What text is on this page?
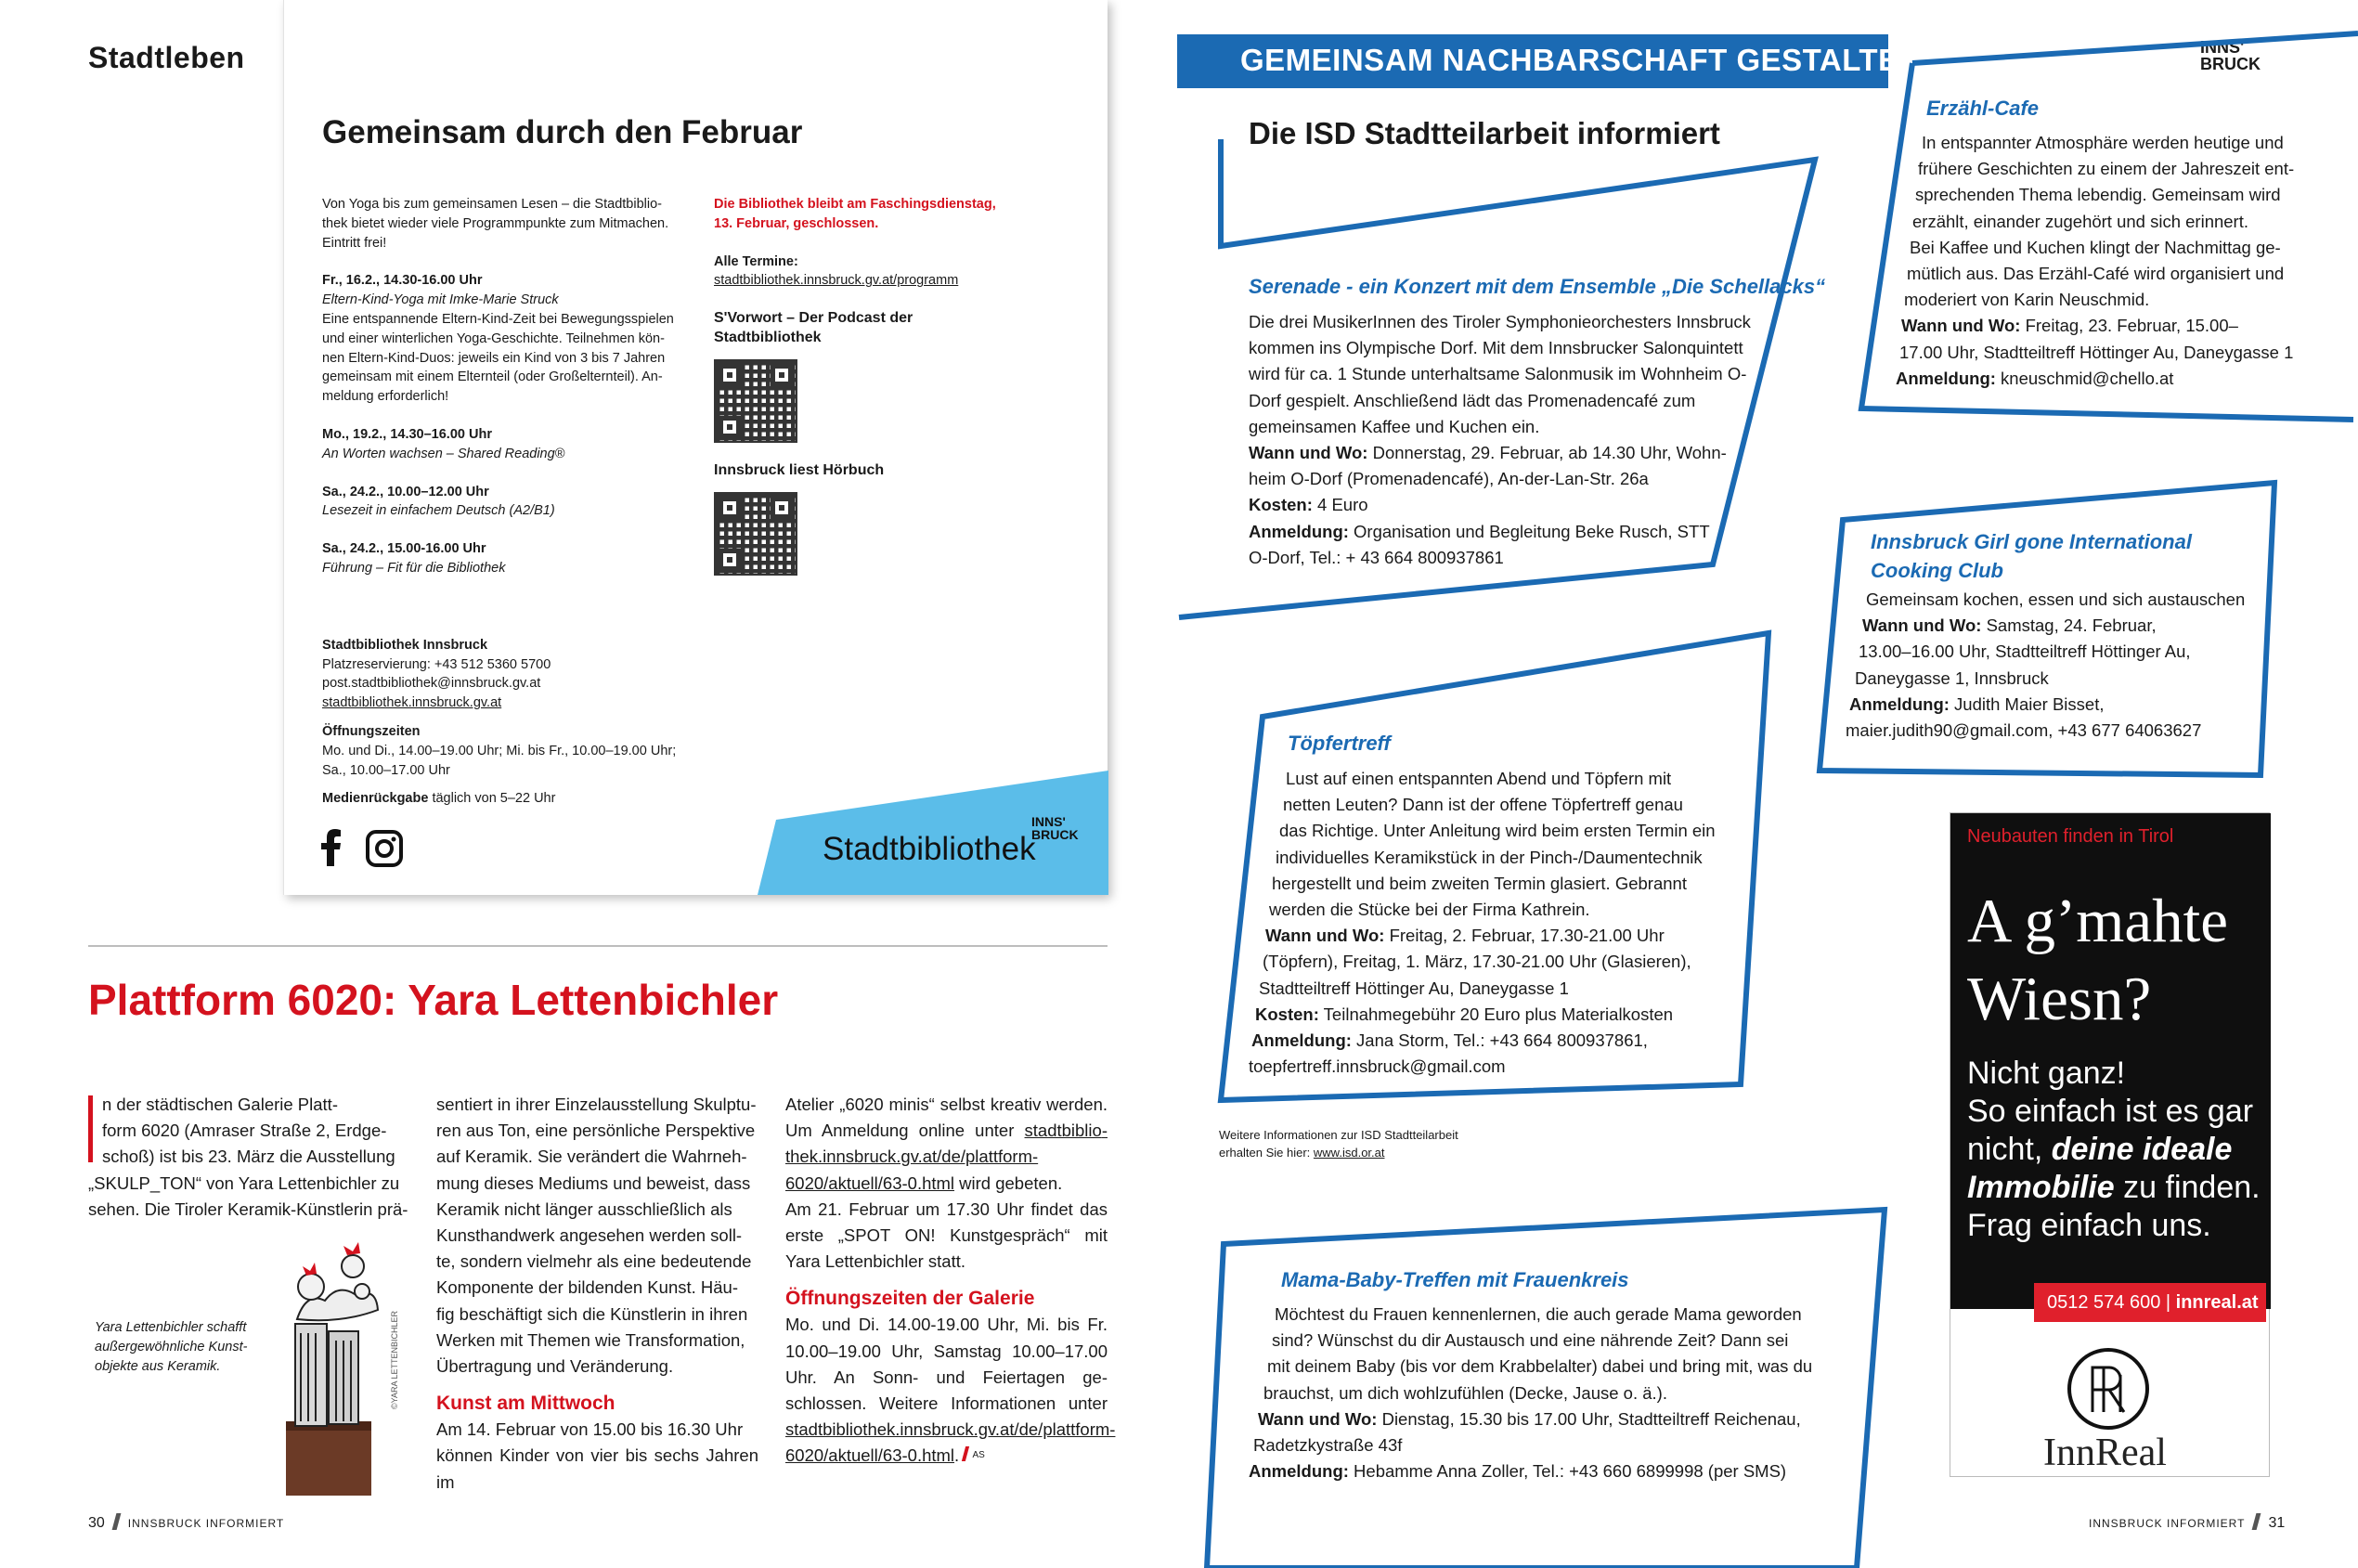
Stadtleben
Gemeinsam durch den Februar
Von Yoga bis zum gemeinsamen Lesen – die Stadtbiblio-
thek bietet wieder viele Programmpunkte zum Mitmachen.
Eintritt frei!
Fr., 16.2., 14.30-16.00 Uhr
Eltern-Kind-Yoga mit Imke-Marie Struck
Eine entspannende Eltern-Kind-Zeit bei Bewegungsspielen
und einer winterlichen Yoga-Geschichte. Teilnehmen kön-
nen Eltern-Kind-Duos: jeweils ein Kind von 3 bis 7 Jahren
gemeinsam mit einem Elternteil (oder Großelternteil). An-
meldung erforderlich!
Mo., 19.2., 14.30–16.00 Uhr
An Worten wachsen – Shared Reading®
Sa., 24.2., 10.00–12.00 Uhr
Lesezeit in einfachem Deutsch (A2/B1)
Sa., 24.2., 15.00-16.00 Uhr
Führung – Fit für die Bibliothek
Stadtbibliothek Innsbruck
Platzreservierung: +43 512 5360 5700
post.stadtbibliothek@innsbruck.gv.at
stadtbibliothek.innsbruck.gv.at
Öffnungszeiten
Mo. und Di., 14.00–19.00 Uhr; Mi. bis Fr., 10.00–19.00 Uhr;
Sa., 10.00–17.00 Uhr
Medienrückgabe täglich von 5–22 Uhr
Die Bibliothek bleibt am Faschingsdienstag,
13. Februar, geschlossen.
Alle Termine:
stadtbibliothek.innsbruck.gv.at/programm
S'Vorwort – Der Podcast der Stadtbibliothek
Innsbruck liest Hörbuch
INNS'
BRUCK
Stadtbibliothek
Plattform 6020: Yara Lettenbichler
n der städtischen Galerie Platt-
form 6020 (Amraser Straße 2, Erdge-
schoß) ist bis 23. März die Ausstellung
„SKULP_TON“ von Yara Lettenbichler zu
sehen. Die Tiroler Keramik-Künstlerin prä-
Yara Lettenbichler schafft
außergewöhnliche Kunst-
objekte aus Keramik.	©YARA LETTENBICHLER
sentiert in ihrer Einzelausstellung Skulptu-
ren aus Ton, eine persönliche Perspektive
auf Keramik. Sie verändert die Wahrneh-
mung dieses Mediums und beweist, dass
Keramik nicht länger ausschließlich als
Kunsthandwerk angesehen werden soll-
te, sondern vielmehr als eine bedeutende
Komponente der bildenden Kunst. Häu-
fig beschäftigt sich die Künstlerin in ihren
Werken mit Themen wie Transformation,
Übertragung und Veränderung.
Kunst am Mittwoch
Am 14. Februar von 15.00 bis 16.30 Uhr
können Kinder von vier bis sechs Jahren im
Atelier „6020 minis“ selbst kreativ werden. Um Anmeldung online unter stadtbibliothek.innsbruck.gv.at/de/plattform-6020/aktuell/63-0.html wird gebeten.
Am 21. Februar um 17.30 Uhr findet das erste „SPOT ON! Kunstgespräch“ mit Yara Lettenbichler statt.
Öffnungszeiten der Galerie
Mo. und Di. 14.00-19.00 Uhr, Mi. bis Fr. 10.00–19.00 Uhr, Samstag 10.00–17.00 Uhr. An Sonn- und Feiertagen geschlossen. Weitere Informationen unter stadtbibliothek.innsbruck.gv.at/de/plattform-6020/aktuell/63-0.html. $^{AS}$
30 INNSBRUCK INFORMIERT
GEMEINSAM NACHBARSCHAFT GESTALTEN
Die ISD Stadtteilarbeit informiert
INNS'
BRUCK
Serenade - ein Konzert mit dem Ensemble „Die Schellacks“
Die drei MusikerInnen des Tiroler Symphonieorchesters Innsbruck
kommen ins Olympische Dorf. Mit dem Innsbrucker Salonquintett
wird für ca. 1 Stunde unterhaltsame Salonmusik im Wohnheim O-
Dorf gespielt. Anschließend lädt das Promenadencafé zum
gemeinsamen Kaffee und Kuchen ein.
Wann und Wo: Donnerstag, 29. Februar, ab 14.30 Uhr, Wohn-
heim O-Dorf (Promenadencafé), An-der-Lan-Str. 26a
Kosten: 4 Euro
Anmeldung: Organisation und Begleitung Beke Rusch, STT
O-Dorf, Tel.: + 43 664 800937861
Erzähl-Cafe
In entspannter Atmosphäre werden heutige und
frühere Geschichten zu einem der Jahreszeit ent-
sprechenden Thema lebendig. Gemeinsam wird
erzählt, einander zugehört und sich erinnert.
Bei Kaffee und Kuchen klingt der Nachmittag ge-
mütlich aus. Das Erzähl-Café wird organisiert und
moderiert von Karin Neuschmid.
Wann und Wo: Freitag, 23. Februar, 15.00–
17.00 Uhr, Stadtteiltreff Höttinger Au, Daneygasse 1
Anmeldung: kneuschmid@chello.at
Innsbruck Girl gone International Cooking Club
Gemeinsam kochen, essen und sich austauschen
Wann und Wo: Samstag, 24. Februar,
13.00–16.00 Uhr, Stadtteiltreff Höttinger Au,
Daneygasse 1, Innsbruck
Anmeldung: Judith Maier Bisset,
maier.judith90@gmail.com, +43 677 64063627
Töpfertreff
Lust auf einen entspannten Abend und Töpfern mit
netten Leuten? Dann ist der offene Töpfertreff genau
das Richtige. Unter Anleitung wird beim ersten Termin ein
individuelles Keramikstück in der Pinch-/Daumentechnik
hergestellt und beim zweiten Termin glasiert. Gebrannt
werden die Stücke bei der Firma Kathrein.
Wann und Wo: Freitag, 2. Februar, 17.30-21.00 Uhr
(Töpfern), Freitag, 1. März, 17.30-21.00 Uhr (Glasieren),
Stadtteiltreff Höttinger Au, Daneygasse 1
Kosten: Teilnahmegebühr 20 Euro plus Materialkosten
Anmeldung: Jana Storm, Tel.: +43 664 800937861,
toepfertreff.innsbruck@gmail.com
Weitere Informationen zur ISD Stadtteilarbeit
erhalten Sie hier: www.isd.or.at
Mama-Baby-Treffen mit Frauenkreis
Möchtest du Frauen kennenlernen, die auch gerade Mama geworden
sind? Wünschst du dir Austausch und eine nährende Zeit? Dann sei
mit deinem Baby (bis vor dem Krabbelalter) dabei und bring mit, was du
brauchst, um dich wohlzufühlen (Decke, Jause o. ä.).
Wann und Wo: Dienstag, 15.30 bis 17.00 Uhr, Stadtteiltreff Reichenau,
Radetzkystraße 43f
Anmeldung: Hebamme Anna Zoller, Tel.: +43 660 6899998 (per SMS)
Neubauten finden in Tirol
A g’mahte
Wiesn?
Nicht ganz!
So einfach ist es gar
nicht, deine ideale
Immobilie zu finden.
Frag einfach uns.
0512 574 600 | innreal.at
InnReal
INNSBRUCK INFORMIERT 31
